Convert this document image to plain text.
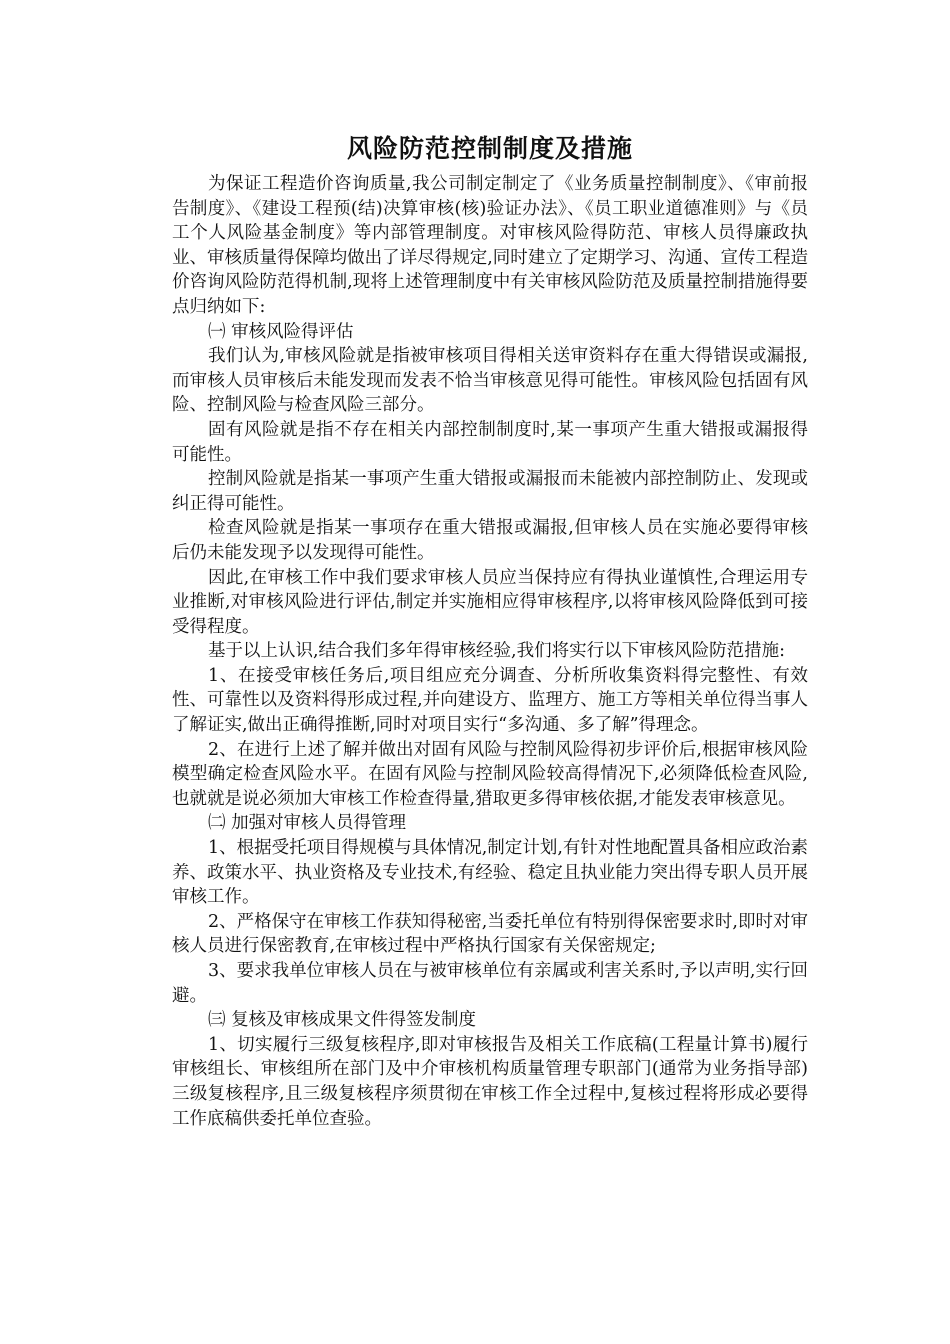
风险防范控制制度及措施

为保证工程造价咨询质量,我公司制定制定了《业务质量控制制度》、《审前报告制度》、《建设工程预(结)决算审核(核)验证办法》、《员工职业道德准则》与《员工个人风险基金制度》等内部管理制度。对审核风险得防范、审核人员得廉政执业、审核质量得保障均做出了详尽得规定,同时建立了定期学习、沟通、宣传工程造价咨询风险防范得机制,现将上述管理制度中有关审核风险防范及质量控制措施得要点归纳如下:

㈠ 审核风险得评估

我们认为,审核风险就是指被审核项目得相关送审资料存在重大得错误或漏报,而审核人员审核后未能发现而发表不恰当审核意见得可能性。审核风险包括固有风险、控制风险与检查风险三部分。

固有风险就是指不存在相关内部控制制度时,某一事项产生重大错报或漏报得可能性。

控制风险就是指某一事项产生重大错报或漏报而未能被内部控制防止、发现或纠正得可能性。

检查风险就是指某一事项存在重大错报或漏报,但审核人员在实施必要得审核后仍未能发现予以发现得可能性。

因此,在审核工作中我们要求审核人员应当保持应有得执业谨慎性,合理运用专业推断,对审核风险进行评估,制定并实施相应得审核程序,以将审核风险降低到可接受得程度。

基于以上认识,结合我们多年得审核经验,我们将实行以下审核风险防范措施:

1、在接受审核任务后,项目组应充分调查、分析所收集资料得完整性、有效性、可靠性以及资料得形成过程,并向建设方、监理方、施工方等相关单位得当事人了解证实,做出正确得推断,同时对项目实行“多沟通、多了解”得理念。

2、在进行上述了解并做出对固有风险与控制风险得初步评价后,根据审核风险模型确定检查风险水平。在固有风险与控制风险较高得情况下,必须降低检查风险,也就就是说必须加大审核工作检查得量,猎取更多得审核依据,才能发表审核意见。

㈡ 加强对审核人员得管理

1、根据受托项目得规模与具体情况,制定计划,有针对性地配置具备相应政治素养、政策水平、执业资格及专业技术,有经验、稳定且执业能力突出得专职人员开展审核工作。

2、严格保守在审核工作获知得秘密,当委托单位有特别得保密要求时,即时对审核人员进行保密教育,在审核过程中严格执行国家有关保密规定;

3、要求我单位审核人员在与被审核单位有亲属或利害关系时,予以声明,实行回避。

㈢ 复核及审核成果文件得签发制度

1、切实履行三级复核程序,即对审核报告及相关工作底稿(工程量计算书)履行审核组长、审核组所在部门及中介审核机构质量管理专职部门(通常为业务指导部)三级复核程序,且三级复核程序须贯彻在审核工作全过程中,复核过程将形成必要得工作底稿供委托单位查验。
